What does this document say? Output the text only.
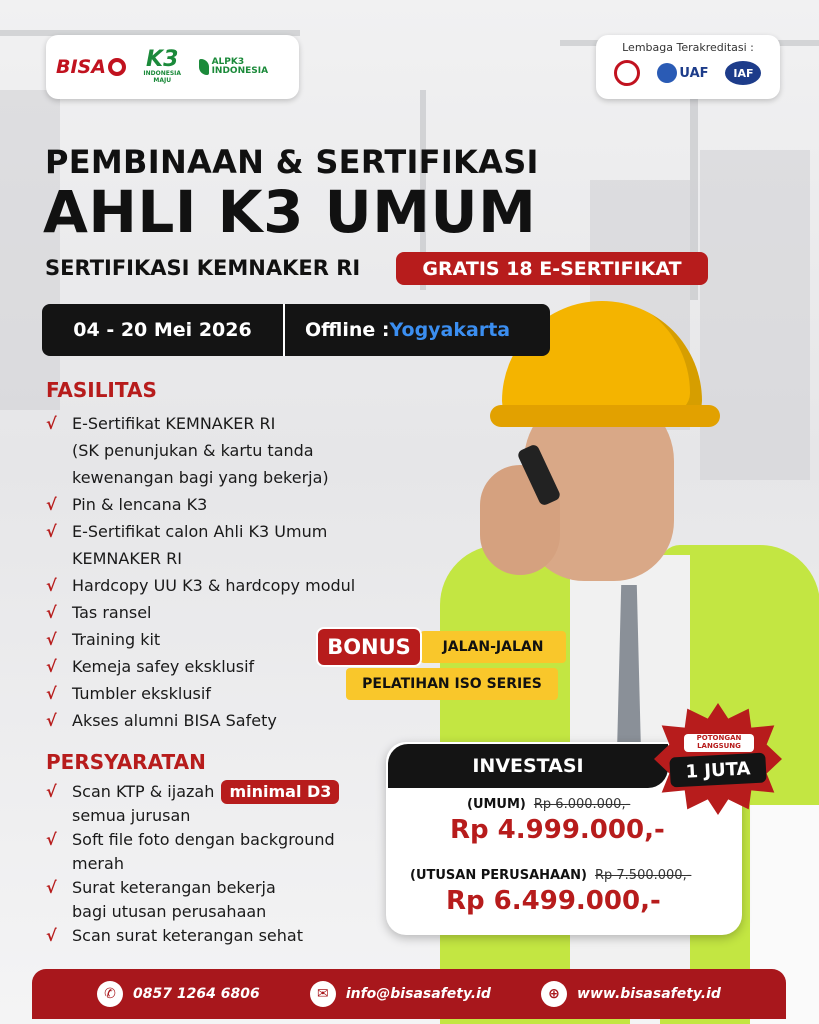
BISA K3
INDONESIA MAJU
ALPK3 INDONESIA
Lembaga Terakreditasi :
UAF	IAF
PEMBINAAN & SERTIFIKASI
AHLI K3 UMUM
SERTIFIKASI KEMNAKER RI	GRATIS 18 E-SERTIFIKAT
04 - 20 Mei 2026	Offline :Yogyakarta
FASILITAS
√ E-Sertifikat KEMNAKER RI
(SK penunjukan & kartu tanda
kewenangan bagi yang bekerja)
√ Pin & lencana K3
√ E-Sertifikat calon Ahli K3 Umum
KEMNAKER RI
√ Hardcopy UU K3 & hardcopy modul
√ Tas ransel
√ Training kit
√ Kemeja safey eksklusif
√ Tumbler eksklusif
√ Akses alumni BISA Safety
PERSYARATAN
√ Scan KTP & ijazah minimal D3
semua jurusan
√ Soft file foto dengan background
merah
√ Surat keterangan bekerja
bagi utusan perusahaan
√ Scan surat keterangan sehat
JALAN-JALAN
BONUS
PELATIHAN ISO SERIES
INVESTASI
(UMUM) Rp 6.000.000,-
Rp 4.999.000,-
(UTUSAN PERUSAHAAN) Rp 7.500.000,-
Rp 6.499.000,-
POTONGAN LANGSUNG
1 JUTA
✆	0857 1264 6806	✉	info@bisasafety.id	⊕	www.bisasafety.id
